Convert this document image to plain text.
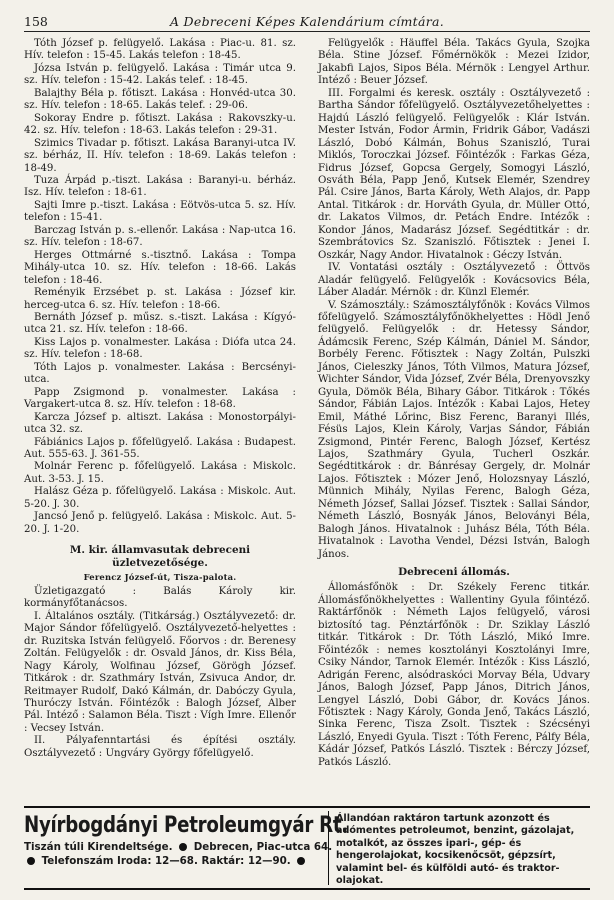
158	A Debreceni Képes Kalendárium címtára.

Tóth József p. felügyelő. Lakása : Piac-u. 81. sz. Hív. telefon : 15-45. Lakás telefon : 18-45.

Józsa István p. felügyelő. Lakása : Timár utca 9. sz. Hív. telefon : 15-42. Lakás telef. : 18-45.

Balajthy Béla p. főtiszt. Lakása : Honvéd-utca 30. sz. Hív. telefon : 18-65. Lakás telef. : 29-06.

Sokoray Endre p. főtiszt. Lakása : Rakovszky-u. 42. sz. Hív. telefon : 18-63. Lakás telefon : 29-31.

Szimics Tivadar p. főtiszt. Lakása Baranyi-utca IV. sz. bérház, II. Hív. telefon : 18-69. Lakás telefon : 18-49.

Tuza Árpád p.-tiszt. Lakása : Baranyi-u. bérház. Isz. Hív. telefon : 18-61.

Sajti Imre p.-tiszt. Lakása : Eötvös-utca 5. sz. Hív. telefon : 15-41.

Barczag István p. s.-ellenőr. Lakása : Nap-utca 16. sz. Hív. telefon : 18-67.

Herges Ottmárné s.-tisztnő. Lakása : Tompa Mihály-utca 10. sz. Hív. telefon : 18-66. Lakás telefon : 18-46.

Reményik Erzsébet p. st. Lakása : József kir. herceg-utca 6. sz. Hív. telefon : 18-66.

Bernáth József p. műsz. s.-tiszt. Lakása : Kígyó-utca 21. sz. Hív. telefon : 18-66.

Kiss Lajos p. vonalmester. Lakása : Diófa utca 24. sz. Hív. telefon : 18-68.

Tóth Lajos p. vonalmester. Lakása : Bercsényi-utca.

Papp Zsigmond p. vonalmester. Lakása : Vargakert-utca 8. sz. Hív. telefon : 18-68.

Karcza József p. altiszt. Lakása : Monostorpályi-utca 32. sz.

Fábiánics Lajos p. főfelügyelő. Lakása : Budapest. Aut. 555-63. J. 361-55.

Molnár Ferenc p. főfelügyelő. Lakása : Miskolc. Aut. 3-53. J. 15.

Halász Géza p. főfelügyelő. Lakása : Miskolc. Aut. 5-20. J. 30.

Jancsó Jenő p. felügyelő. Lakása : Miskolc. Aut. 5-20. J. 1-20.

M. kir. államvasutak debreceni üzletvezetősége.
Ferencz József-út, Tisza-palota.

Üzletigazgató : Balás Károly kir. kormányfőtanácsos.

I. Általános osztály. (Titkárság.) Osztályvezető: dr. Major Sándor főfelügyelő. Osztályvezető-helyettes : dr. Ruzitska István felügyelő. Főorvos : dr. Berenesy Zoltán. Felügyelők : dr. Osvald János, dr. Kiss Béla, Nagy Károly, Wolfinau József, Görögh József. Titkárok : dr. Szathmáry István, Zsivuca Andor, dr. Reitmayer Rudolf, Dakó Kálmán, dr. Dabóczy Gyula, Thuróczy István. Főintézők : Balogh József, Alber Pál. Intéző : Salamon Béla. Tiszt : Vígh Imre. Ellenőr : Vecsey István.

II. Pályafenntartási és építési osztály. Osztályvezető : Ungváry György főfelügyelő.

Felügyelők : Häuffel Béla. Takács Gyula, Szojka Béla. Stine József. Főmérnökök : Mezei Izidor, Jakabfi Lajos, Sipos Béla. Mérnök : Lengyel Arthur. Intéző : Beuer József.

III. Forgalmi és keresk. osztály : Osztályvezető : Bartha Sándor főfelügyelő. Osztályvezetőhelyettes : Hajdú László felügyelő. Felügyelők : Klár István. Mester István, Fodor Ármin, Fridrik Gábor, Vadászi László, Dobó Kálmán, Bohus Szaniszló, Turai Miklós, Toroczkai József. Főintézők : Farkas Géza, Fidrus József, Gopcsa Gergely, Somogyi László, Osváth Béla, Papp Jenő, Kutsek Elemér, Szendrey Pál. Csire János, Barta Károly, Weth Alajos, dr. Papp Antal. Titkárok : dr. Horváth Gyula, dr. Müller Ottó, dr. Lakatos Vilmos, dr. Petách Endre. Intézők : Kondor János, Madarász József. Segédtitkár : dr. Szembrátovics Sz. Szaniszló. Főtisztek : Jenei I. Oszkár, Nagy Andor. Hivatalnok : Géczy István.

IV. Vontatási osztály : Osztályvezető : Öttvös Aladár felügyelő. Felügyelők : Kovácsovics Béla, Láber Aladár. Mérnök : dr. Künzl Elemér.

V. Számosztály.: Számosztályfőnök : Kovács Vilmos főfelügyelő. Számosztályfőnökhelyettes : Hödl Jenő felügyelő. Felügyelők : dr. Hetessy Sándor, Ádámcsik Ferenc, Szép Kálmán, Dániel M. Sándor, Borbély Ferenc. Főtisztek : Nagy Zoltán, Pulszki János, Cieleszky János, Tóth Vilmos, Matura József, Wichter Sándor, Vida József, Zvér Béla, Drenyovszky Gyula, Dömök Béla, Bihary Gábor. Titkárok : Tőkés Sándor, Fábián Lajos. Intézők : Kabai Lajos, Hetey Emil, Máthé Lőrinc, Bisz Ferenc, Baranyi Illés, Fésüs Lajos, Klein Károly, Varjas Sándor, Fábián Zsigmond, Pintér Ferenc, Balogh József, Kertész Lajos, Szathmáry Gyula, Tucherl Oszkár. Segédtitkárok : dr. Bánrésay Gergely, dr. Molnár Lajos. Főtisztek : Mózer Jenő, Holozsnyay László, Münnich Mihály, Nyilas Ferenc, Balogh Géza, Németh József, Sallai József. Tisztek : Sallai Sándor, Németh László, Bosnyák János, Beloványi Béla, Balogh János. Hivatalnok : Juhász Béla, Tóth Béla. Hivatalnok : Lavotha Vendel, Dézsi István, Balogh János.

Debreceni állomás.

Állomásfőnök : Dr. Székely Ferenc titkár. Állomásfőnökhelyettes : Wallentiny Gyula főintéző. Raktárfőnök : Németh Lajos felügyelő, városi biztosító tag. Pénztárfőnök : Dr. Sziklay László titkár. Titkárok : Dr. Tóth László, Mikó Imre. Főintézők : nemes kosztolányi Kosztolányi Imre, Csiky Nándor, Tarnok Elemér. Intézők : Kiss László, Adrigán Ferenc, alsódraskóci Morvay Béla, Udvary János, Balogh József, Papp János, Ditrich János, Lengyel László, Dobi Gábor, dr. Kovács János. Főtisztek : Nagy Károly, Gonda Jenő, Takács László, Sinka Ferenc, Tisza Zsolt. Tisztek : Szécsényi László, Enyedi Gyula. Tiszt : Tóth Ferenc, Pálfy Béla, Kádár József, Patkós László. Tisztek : Bérczy József, Patkós László.

Nyírbogdányi Petroleumgyár Rt.
Tiszán túli Kirendeltsége. Debrecen, Piac-utca 64.
Telefonszám Iroda: 12—68. Raktár: 12—90.
Állandóan raktáron tartunk azonzott és adómentes petroleumot, benzint, gázolajat, motalkót, az összes ipari-, gép- és hengerolajokat, kocsikenőcsöt, gépzsírt, valamint bel- és külföldi autó- és traktor-olajokat.
